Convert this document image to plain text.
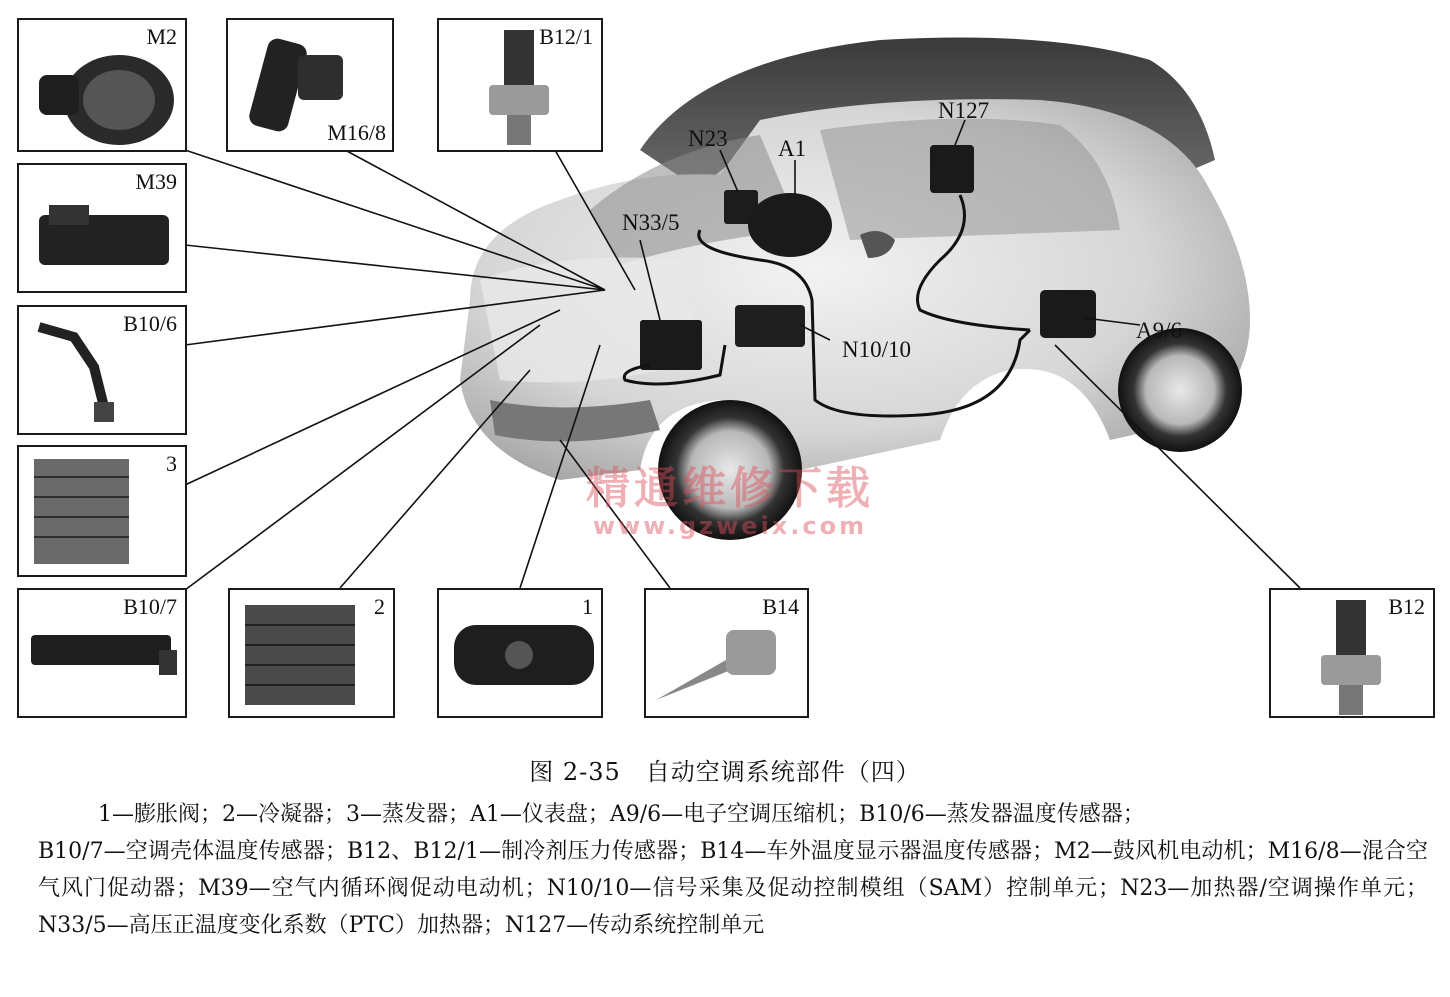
N23 A1
N127
N33/5
N10/10
A9/6
M2
M16/8
B12/1
M39
B10/6
3
B10/7	2	1	B14	B12
精通维修下载
www.gzweix.com
图 2-35　自动空调系统部件（四）
1—膨胀阀；2—冷凝器；3—蒸发器；A1—仪表盘；A9/6—电子空调压缩机；B10/6—蒸发器温度传感器；
B10/7—空调壳体温度传感器；B12、B12/1—制冷剂压力传感器；B14—车外温度显示器温度传感器；M2—鼓风机电动机；M16/8—混合空气风门促动器；M39—空气内循环阀促动电动机；N10/10—信号采集及促动控制模组（SAM）控制单元；N23—加热器/空调操作单元；N33/5—高压正温度变化系数（PTC）加热器；N127—传动系统控制单元
